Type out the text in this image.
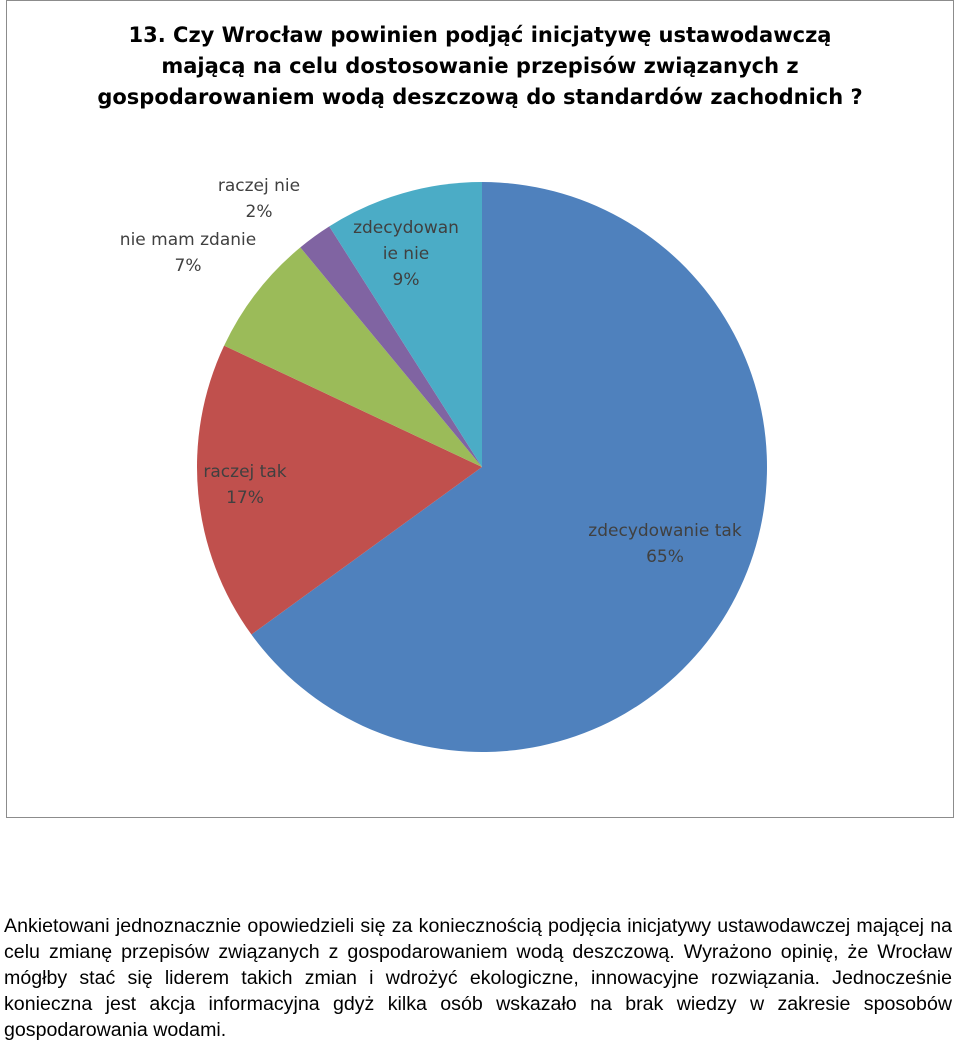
13. Czy Wrocław powinien podjąć inicjatywę ustawodawczą mającą na celu dostosowanie przepisów związanych z gospodarowaniem wodą deszczową do standardów zachodnich ?
zdecydowanie tak 65%
raczej tak 17%
nie mam zdanie 7%
raczej nie 2%
zdecydowan ie nie 9%

Ankietowani jednoznacznie opowiedzieli się za koniecznością podjęcia inicjatywy ustawodawczej mającej na celu zmianę przepisów związanych z gospodarowaniem wodą deszczową. Wyrażono opinię, że Wrocław mógłby stać się liderem takich zmian i wdrożyć ekologiczne, innowacyjne rozwiązania. Jednocześnie konieczna jest akcja informacyjna gdyż kilka osób wskazało na brak wiedzy w zakresie sposobów gospodarowania wodami.
